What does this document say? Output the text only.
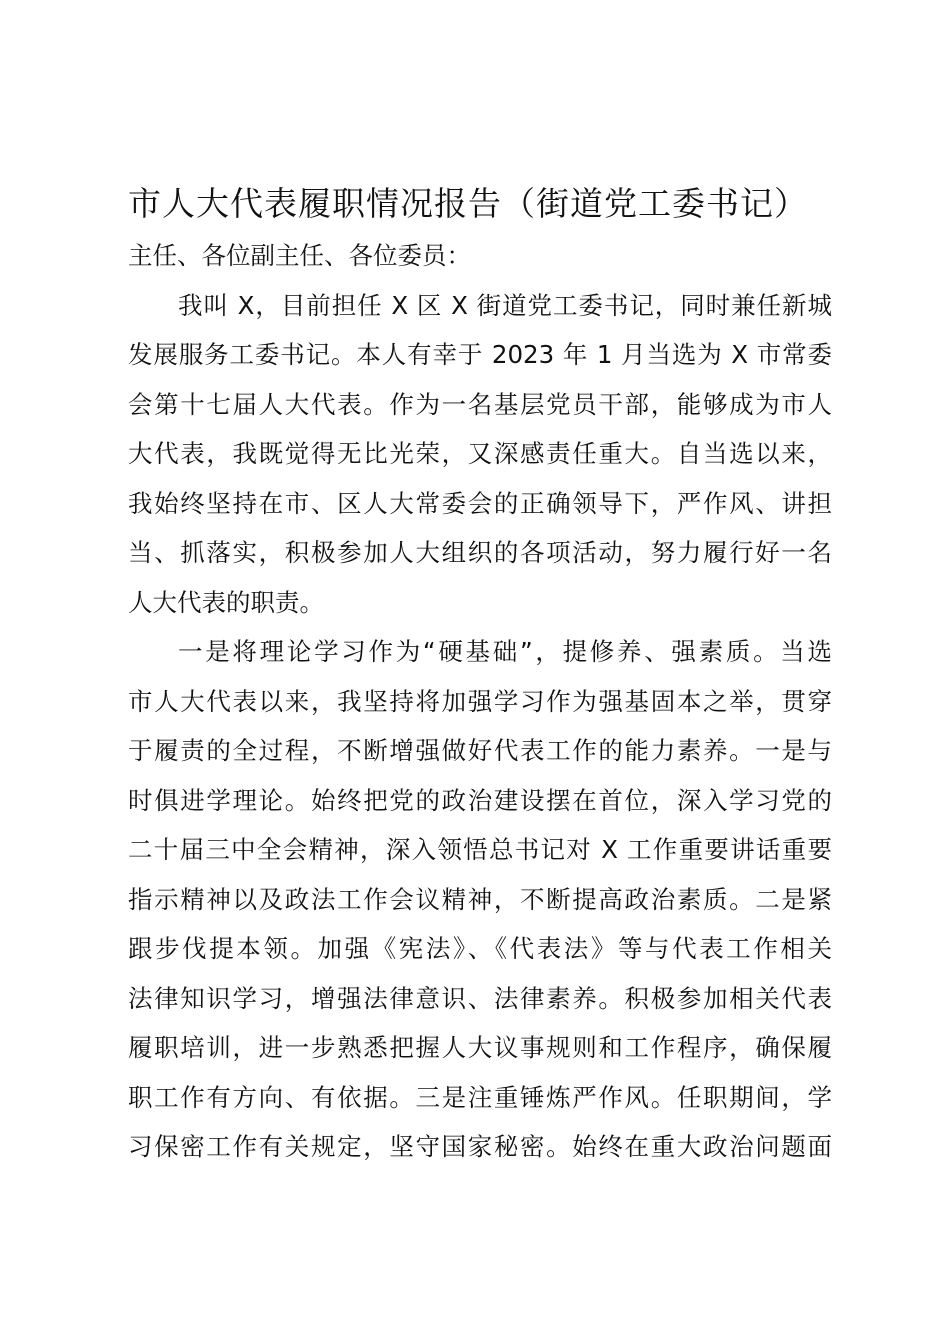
市人大代表履职情况报告（街道党工委书记）

主任、各位副主任、各位委员：

我叫 X，目前担任 X 区 X 街道党工委书记，同时兼任新城
发展服务工委书记。本人有幸于 2023 年 1 月当选为 X 市常委
会第十七届人大代表。作为一名基层党员干部，能够成为市人
大代表，我既觉得无比光荣，又深感责任重大。自当选以来，
我始终坚持在市、区人大常委会的正确领导下，严作风、讲担
当、抓落实，积极参加人大组织的各项活动，努力履行好一名
人大代表的职责。
一是将理论学习作为“硬基础”，提修养、强素质。当选
市人大代表以来，我坚持将加强学习作为强基固本之举，贯穿
于履责的全过程，不断增强做好代表工作的能力素养。一是与
时俱进学理论。始终把党的政治建设摆在首位，深入学习党的
二十届三中全会精神，深入领悟总书记对 X 工作重要讲话重要
指示精神以及政法工作会议精神，不断提高政治素质。二是紧
跟步伐提本领。加强《宪法》、《代表法》等与代表工作相关
法律知识学习，增强法律意识、法律素养。积极参加相关代表
履职培训，进一步熟悉把握人大议事规则和工作程序，确保履
职工作有方向、有依据。三是注重锤炼严作风。任职期间，学
习保密工作有关规定，坚守国家秘密。始终在重大政治问题面
